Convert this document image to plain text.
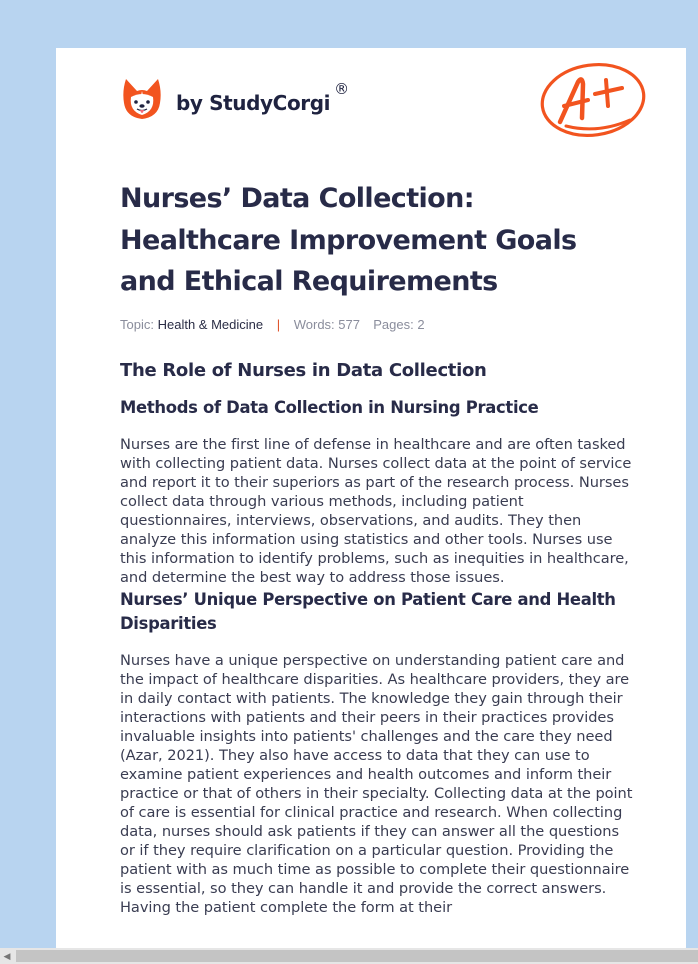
by StudyCorgi
®
Nurses’ Data Collection: Healthcare Improvement Goals and Ethical Requirements
Topic: Health & Medicine | Words: 577 Pages: 2
The Role of Nurses in Data Collection
Methods of Data Collection in Nursing Practice

Nurses are the first line of defense in healthcare and are often tasked with collecting patient data. Nurses collect data at the point of service and report it to their superiors as part of the research process. Nurses collect data through various methods, including patient questionnaires, interviews, observations, and audits. They then analyze this information using statistics and other tools. Nurses use this information to identify problems, such as inequities in healthcare, and determine the best way to address those issues.

Nurses’ Unique Perspective on Patient Care and Health Disparities

Nurses have a unique perspective on understanding patient care and the impact of healthcare disparities. As healthcare providers, they are in daily contact with patients. The knowledge they gain through their interactions with patients and their peers in their practices provides invaluable insights into patients' challenges and the care they need (Azar, 2021). They also have access to data that they can use to examine patient experiences and health outcomes and inform their practice or that of others in their specialty. Collecting data at the point of care is essential for clinical practice and research. When collecting data, nurses should ask patients if they can answer all the questions or if they require clarification on a particular question. Providing the patient with as much time as possible to complete their questionnaire is essential, so they can handle it and provide the correct answers. Having the patient complete the form at their

◀
